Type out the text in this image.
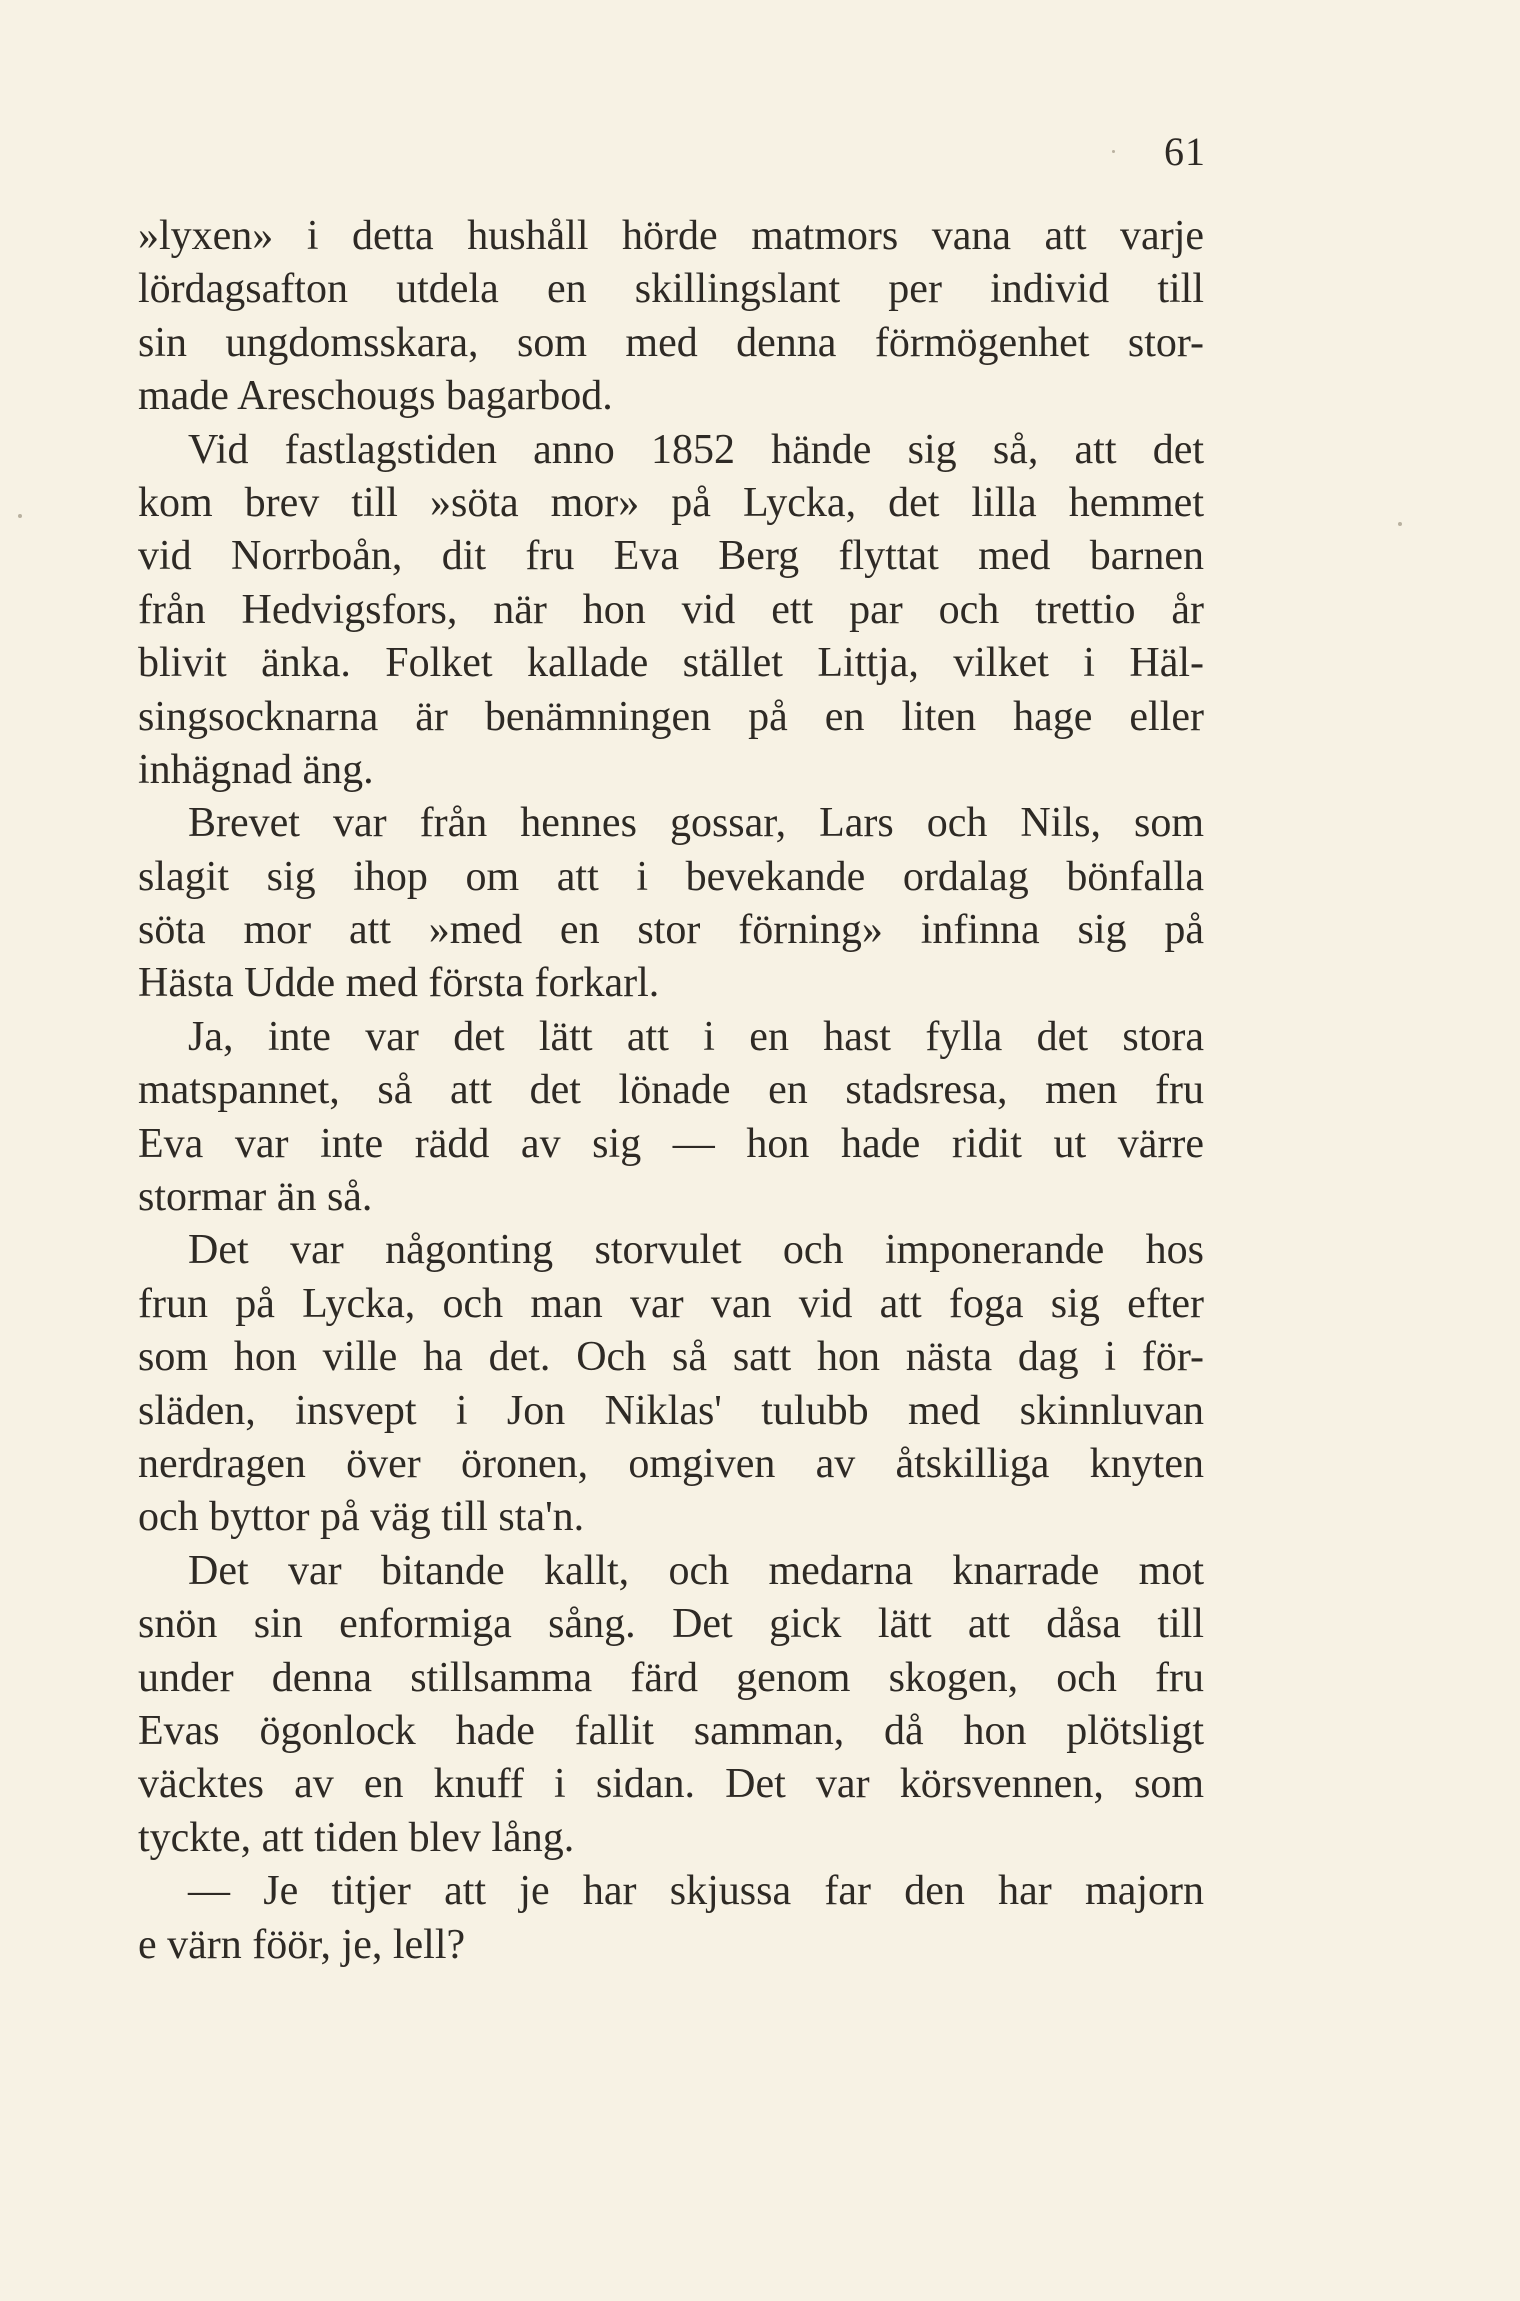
61
»lyxen» i detta hushåll hörde matmors vana att varje
lördagsafton utdela en skillingslant per individ till
sin ungdomsskara, som med denna förmögenhet stor-
made Areschougs bagarbod.
Vid fastlagstiden anno 1852 hände sig så, att det
kom brev till »söta mor» på Lycka, det lilla hemmet
vid Norrboån, dit fru Eva Berg flyttat med barnen
från Hedvigsfors, när hon vid ett par och trettio år
blivit änka. Folket kallade stället Littja, vilket i Häl-
singsocknarna är benämningen på en liten hage eller
inhägnad äng.
Brevet var från hennes gossar, Lars och Nils, som
slagit sig ihop om att i bevekande ordalag bönfalla
söta mor att »med en stor förning» infinna sig på
Hästa Udde med första forkarl.
Ja, inte var det lätt att i en hast fylla det stora
matspannet, så att det lönade en stadsresa, men fru
Eva var inte rädd av sig — hon hade ridit ut värre
stormar än så.
Det var någonting storvulet och imponerande hos
frun på Lycka, och man var van vid att foga sig efter
som hon ville ha det. Och så satt hon nästa dag i för-
släden, insvept i Jon Niklas' tulubb med skinnluvan
nerdragen över öronen, omgiven av åtskilliga knyten
och byttor på väg till sta'n.
Det var bitande kallt, och medarna knarrade mot
snön sin enformiga sång. Det gick lätt att dåsa till
under denna stillsamma färd genom skogen, och fru
Evas ögonlock hade fallit samman, då hon plötsligt
väcktes av en knuff i sidan. Det var körsvennen, som
tyckte, att tiden blev lång.
— Je titjer att je har skjussa far den har majorn
e värn föör, je, lell?
